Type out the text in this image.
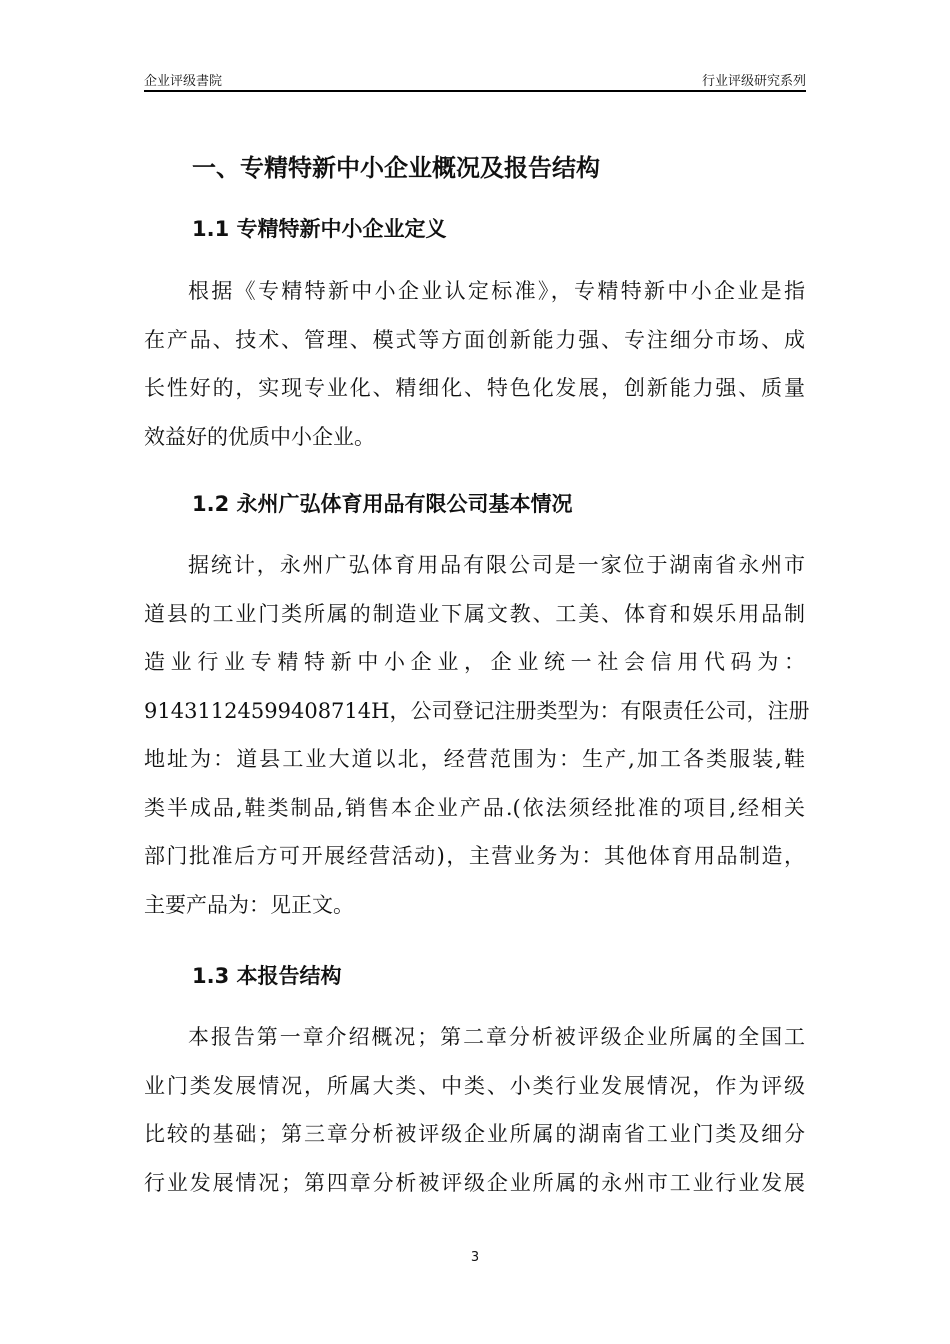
企业评级書院	行业评级研究系列
一、专精特新中小企业概况及报告结构
1.1 专精特新中小企业定义
根据《专精特新中小企业认定标准》，专精特新中小企业是指
在产品、技术、管理、模式等方面创新能力强、专注细分市场、成
长性好的，实现专业化、精细化、特色化发展，创新能力强、质量
效益好的优质中小企业。
1.2 永州广弘体育用品有限公司基本情况
据统计，永州广弘体育用品有限公司是一家位于湖南省永州市
道县的工业门类所属的制造业下属文教、工美、体育和娱乐用品制
造业行业专精特新中小企业，企业统一社会信用代码为：
91431124599408714H，公司登记注册类型为：有限责任公司，注册
地址为：道县工业大道以北，经营范围为：生产,加工各类服装,鞋
类半成品,鞋类制品,销售本企业产品.(依法须经批准的项目,经相关
部门批准后方可开展经营活动)，主营业务为：其他体育用品制造，
主要产品为：见正文。
1.3 本报告结构
本报告第一章介绍概况；第二章分析被评级企业所属的全国工
业门类发展情况，所属大类、中类、小类行业发展情况，作为评级
比较的基础；第三章分析被评级企业所属的湖南省工业门类及细分
行业发展情况；第四章分析被评级企业所属的永州市工业行业发展
3
